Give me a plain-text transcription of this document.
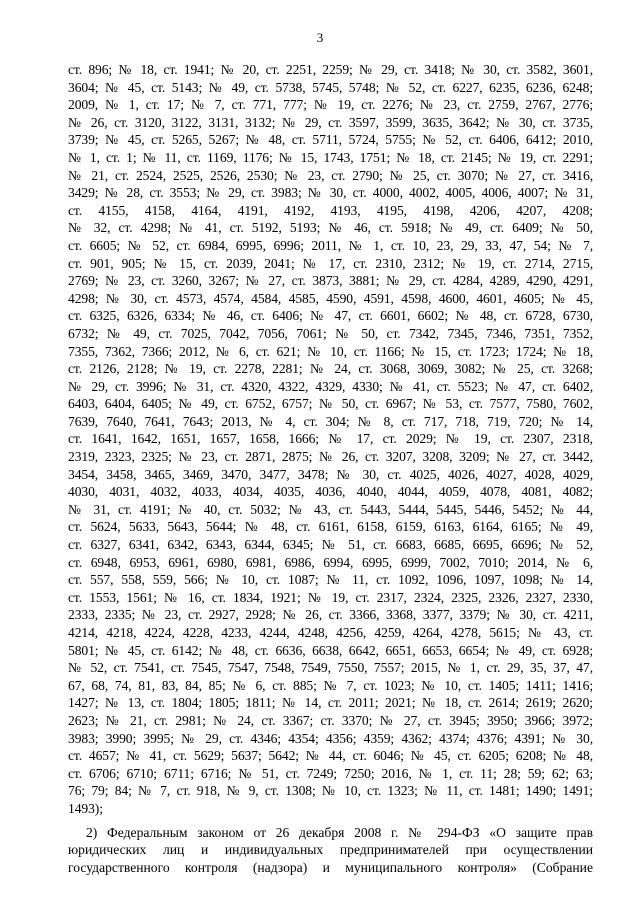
3
ст. 896; № 18, ст. 1941; № 20, ст. 2251, 2259; № 29, ст. 3418; № 30, ст. 3582, 3601,
3604; № 45, ст. 5143; № 49, ст. 5738, 5745, 5748; № 52, ст. 6227, 6235, 6236, 6248;
2009, № 1, ст. 17; № 7, ст. 771, 777; № 19, ст. 2276; № 23, ст. 2759, 2767, 2776;
№ 26, ст. 3120, 3122, 3131, 3132; № 29, ст. 3597, 3599, 3635, 3642; № 30, ст. 3735,
3739; № 45, ст. 5265, 5267; № 48, ст. 5711, 5724, 5755; № 52, ст. 6406, 6412; 2010,
№ 1, ст. 1; № 11, ст. 1169, 1176; № 15, 1743, 1751; № 18, ст. 2145; № 19, ст. 2291;
№ 21, ст. 2524, 2525, 2526, 2530; № 23, ст. 2790; № 25, ст. 3070; № 27, ст. 3416,
3429; № 28, ст. 3553; № 29, ст. 3983; № 30, ст. 4000, 4002, 4005, 4006, 4007; № 31,
ст. 4155, 4158, 4164, 4191, 4192, 4193, 4195, 4198, 4206, 4207, 4208;
№ 32, ст. 4298; № 41, ст. 5192, 5193; № 46, ст. 5918; № 49, ст. 6409; № 50,
ст. 6605; № 52, ст. 6984, 6995, 6996; 2011, № 1, ст. 10, 23, 29, 33, 47, 54; № 7,
ст. 901, 905; № 15, ст. 2039, 2041; № 17, ст. 2310, 2312; № 19, ст. 2714, 2715,
2769; № 23, ст. 3260, 3267; № 27, ст. 3873, 3881; № 29, ст. 4284, 4289, 4290, 4291,
4298; № 30, ст. 4573, 4574, 4584, 4585, 4590, 4591, 4598, 4600, 4601, 4605; № 45,
ст. 6325, 6326, 6334; № 46, ст. 6406; № 47, ст. 6601, 6602; № 48, ст. 6728, 6730,
6732; № 49, ст. 7025, 7042, 7056, 7061; № 50, ст. 7342, 7345, 7346, 7351, 7352,
7355, 7362, 7366; 2012, № 6, ст. 621; № 10, ст. 1166; № 15, ст. 1723; 1724; № 18,
ст. 2126, 2128; № 19, ст. 2278, 2281; № 24, ст. 3068, 3069, 3082; № 25, ст. 3268;
№ 29, ст. 3996; № 31, ст. 4320, 4322, 4329, 4330; № 41, ст. 5523; № 47, ст. 6402,
6403, 6404, 6405; № 49, ст. 6752, 6757; № 50, ст. 6967; № 53, ст. 7577, 7580, 7602,
7639, 7640, 7641, 7643; 2013, № 4, ст. 304; № 8, ст. 717, 718, 719, 720; № 14,
ст. 1641, 1642, 1651, 1657, 1658, 1666; № 17, ст. 2029; № 19, ст. 2307, 2318,
2319, 2323, 2325; № 23, ст. 2871, 2875; № 26, ст. 3207, 3208, 3209; № 27, ст. 3442,
3454, 3458, 3465, 3469, 3470, 3477, 3478; № 30, ст. 4025, 4026, 4027, 4028, 4029,
4030, 4031, 4032, 4033, 4034, 4035, 4036, 4040, 4044, 4059, 4078, 4081, 4082;
№ 31, ст. 4191; № 40, ст. 5032; № 43, ст. 5443, 5444, 5445, 5446, 5452; № 44,
ст. 5624, 5633, 5643, 5644; № 48, ст. 6161, 6158, 6159, 6163, 6164, 6165; № 49,
ст. 6327, 6341, 6342, 6343, 6344, 6345; № 51, ст. 6683, 6685, 6695, 6696; № 52,
ст. 6948, 6953, 6961, 6980, 6981, 6986, 6994, 6995, 6999, 7002, 7010; 2014, № 6,
ст. 557, 558, 559, 566; № 10, ст. 1087; № 11, ст. 1092, 1096, 1097, 1098; № 14,
ст. 1553, 1561; № 16, ст. 1834, 1921; № 19, ст. 2317, 2324, 2325, 2326, 2327, 2330,
2333, 2335; № 23, ст. 2927, 2928; № 26, ст. 3366, 3368, 3377, 3379; № 30, ст. 4211,
4214, 4218, 4224, 4228, 4233, 4244, 4248, 4256, 4259, 4264, 4278, 5615; № 43, ст.
5801; № 45, ст. 6142; № 48, ст. 6636, 6638, 6642, 6651, 6653, 6654; № 49, ст. 6928;
№ 52, ст. 7541, ст. 7545, 7547, 7548, 7549, 7550, 7557; 2015, № 1, ст. 29, 35, 37, 47,
67, 68, 74, 81, 83, 84, 85; № 6, ст. 885; № 7, ст. 1023; № 10, ст. 1405; 1411; 1416;
1427; № 13, ст. 1804; 1805; 1811; № 14, ст. 2011; 2021; № 18, ст. 2614; 2619; 2620;
2623; № 21, ст. 2981; № 24, ст. 3367; ст. 3370; № 27, ст. 3945; 3950; 3966; 3972;
3983; 3990; 3995; № 29, ст. 4346; 4354; 4356; 4359; 4362; 4374; 4376; 4391; № 30,
ст. 4657; № 41, ст. 5629; 5637; 5642; № 44, ст. 6046; № 45, ст. 6205; 6208; № 48,
ст. 6706; 6710; 6711; 6716; № 51, ст. 7249; 7250; 2016, № 1, ст. 11; 28; 59; 62; 63;
76; 79; 84; № 7, ст. 918, № 9, ст. 1308; № 10, ст. 1323; № 11, ст. 1481; 1490; 1491;
1493);
2) Федеральным законом от 26 декабря 2008 г. № 294-ФЗ «О защите прав
юридических лиц и индивидуальных предпринимателей при осуществлении
государственного контроля (надзора) и муниципального контроля» (Собрание
